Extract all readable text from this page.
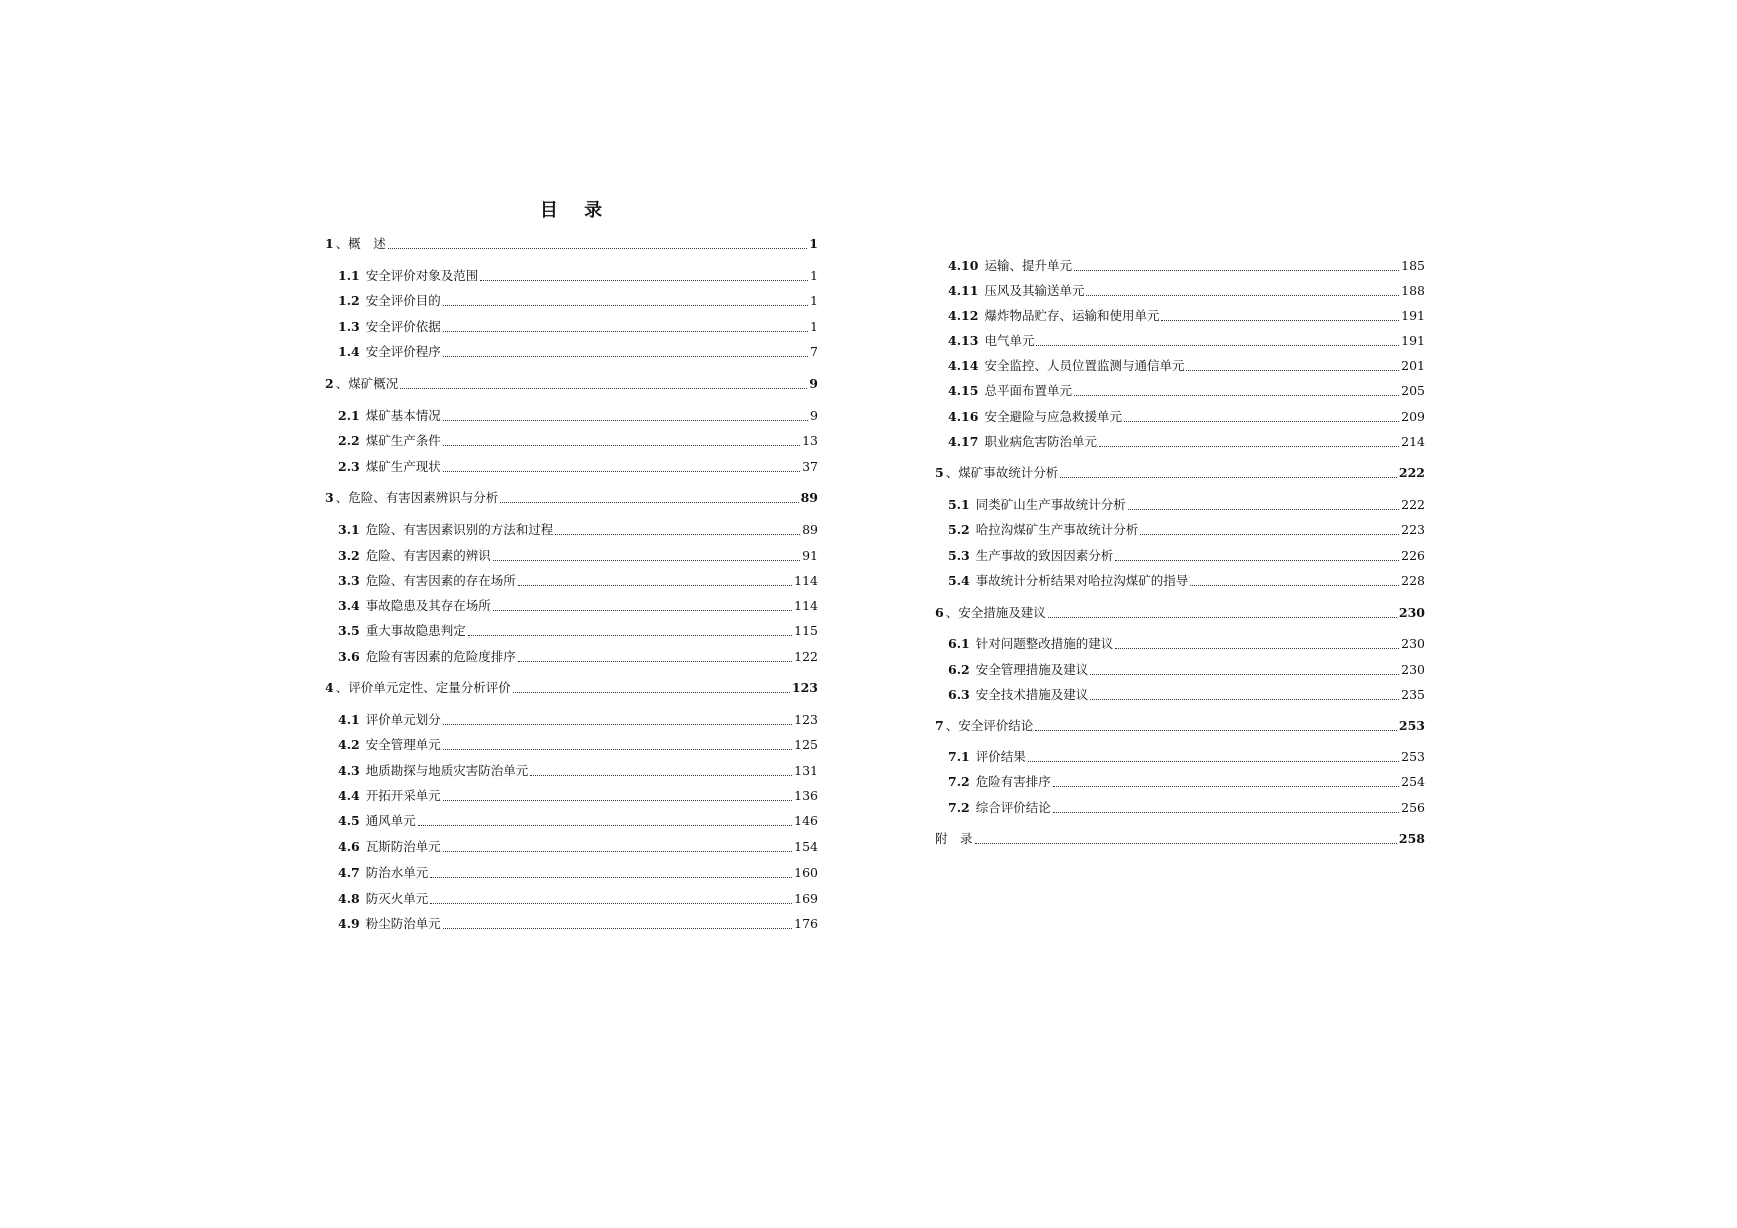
目 录
1 、概　述	1
1.1 安全评价对象及范围	1
1.2 安全评价目的	1
1.3 安全评价依据	1
1.4 安全评价程序	7
2 、煤矿概况	9
2.1 煤矿基本情况	9
2.2 煤矿生产条件	13
2.3 煤矿生产现状	37
3 、危险、有害因素辨识与分析	89
3.1 危险、有害因素识别的方法和过程	89
3.2 危险、有害因素的辨识	91
3.3 危险、有害因素的存在场所	114
3.4 事故隐患及其存在场所	114
3.5 重大事故隐患判定	115
3.6 危险有害因素的危险度排序	122
4 、评价单元定性、定量分析评价	123
4.1 评价单元划分	123
4.2 安全管理单元	125
4.3 地质勘探与地质灾害防治单元	131
4.4 开拓开采单元	136
4.5 通风单元	146
4.6 瓦斯防治单元	154
4.7 防治水单元	160
4.8 防灭火单元	169
4.9 粉尘防治单元	176
4.10 运输、提升单元	185
4.11 压风及其输送单元	188
4.12 爆炸物品贮存、运输和使用单元	191
4.13 电气单元	191
4.14 安全监控、人员位置监测与通信单元	201
4.15 总平面布置单元	205
4.16 安全避险与应急救援单元	209
4.17 职业病危害防治单元	214
5 、煤矿事故统计分析	222
5.1 同类矿山生产事故统计分析	222
5.2 哈拉沟煤矿生产事故统计分析	223
5.3 生产事故的致因因素分析	226
5.4 事故统计分析结果对哈拉沟煤矿的指导	228
6 、安全措施及建议	230
6.1 针对问题整改措施的建议	230
6.2 安全管理措施及建议	230
6.3 安全技术措施及建议	235
7 、安全评价结论	253
7.1 评价结果	253
7.2 危险有害排序	254
7.2 综合评价结论	256
附　录	258
